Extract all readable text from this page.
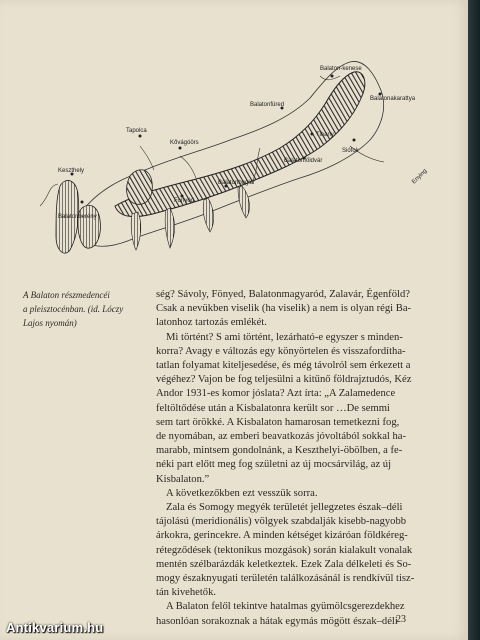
Balaton-kenese
Balatonakarattya
Balatonfüred
Tapolca
Kővágóörs
Tihany
Balatonföldvár
Balatonboglár
Keszthely
Fonyód
Balatonberény
Siófok
Enying
A Balaton részmedencéi
a pleisztocénban. (id. Lóczy
Lajos nyomán)
ség? Sávoly, Fönyed, Balatonmagyaród, Zalavár, Égenföld?
Csak a nevükben viselik (ha viselik) a nem is olyan régi Ba-
latonhoz tartozás emlékét.
Mi történt? S ami történt, lezárható-e egyszer s minden-
korra? Avagy e változás egy könyörtelen és visszafordítha-
tatlan folyamat kiteljesedése, és még távolról sem érkezett a
végéhez? Vajon be fog teljesülni a kitűnő földrajztudós, Kéz
Andor 1931-es komor jóslata? Azt írta: „A Zalamedence
feltöltődése után a Kisbalatonra került sor …De semmi
sem tart örökké. A Kisbalaton hamarosan temetkezni fog,
de nyomában, az emberi beavatkozás jóvoltából sokkal ha-
marabb, mintsem gondolnánk, a Keszthelyi-öbölben, a fe-
néki part előtt meg fog születni az új mocsárvilág, az új
Kisbalaton.”
A következőkben ezt vesszük sorra.
Zala és Somogy megyék területét jellegzetes észak–déli
tájolású (meridionális) völgyek szabdalják kisebb-nagyobb
árkokra, gerincekre. A minden kétséget kizáróan földkéreg-
rétegződések (tektonikus mozgások) során kialakult vonalak
mentén szélbarázdák keletkeztek. Ezek Zala délkeleti és So-
mogy északnyugati területén találkozásánál is rendkívül tisz-
tán kivehetők.
A Balaton felől tekintve hatalmas gyümölcsgerezdekhez
hasonlóan sorakoznak a hátak egymás mögött észak–déli
23
Antikvarium.hu
